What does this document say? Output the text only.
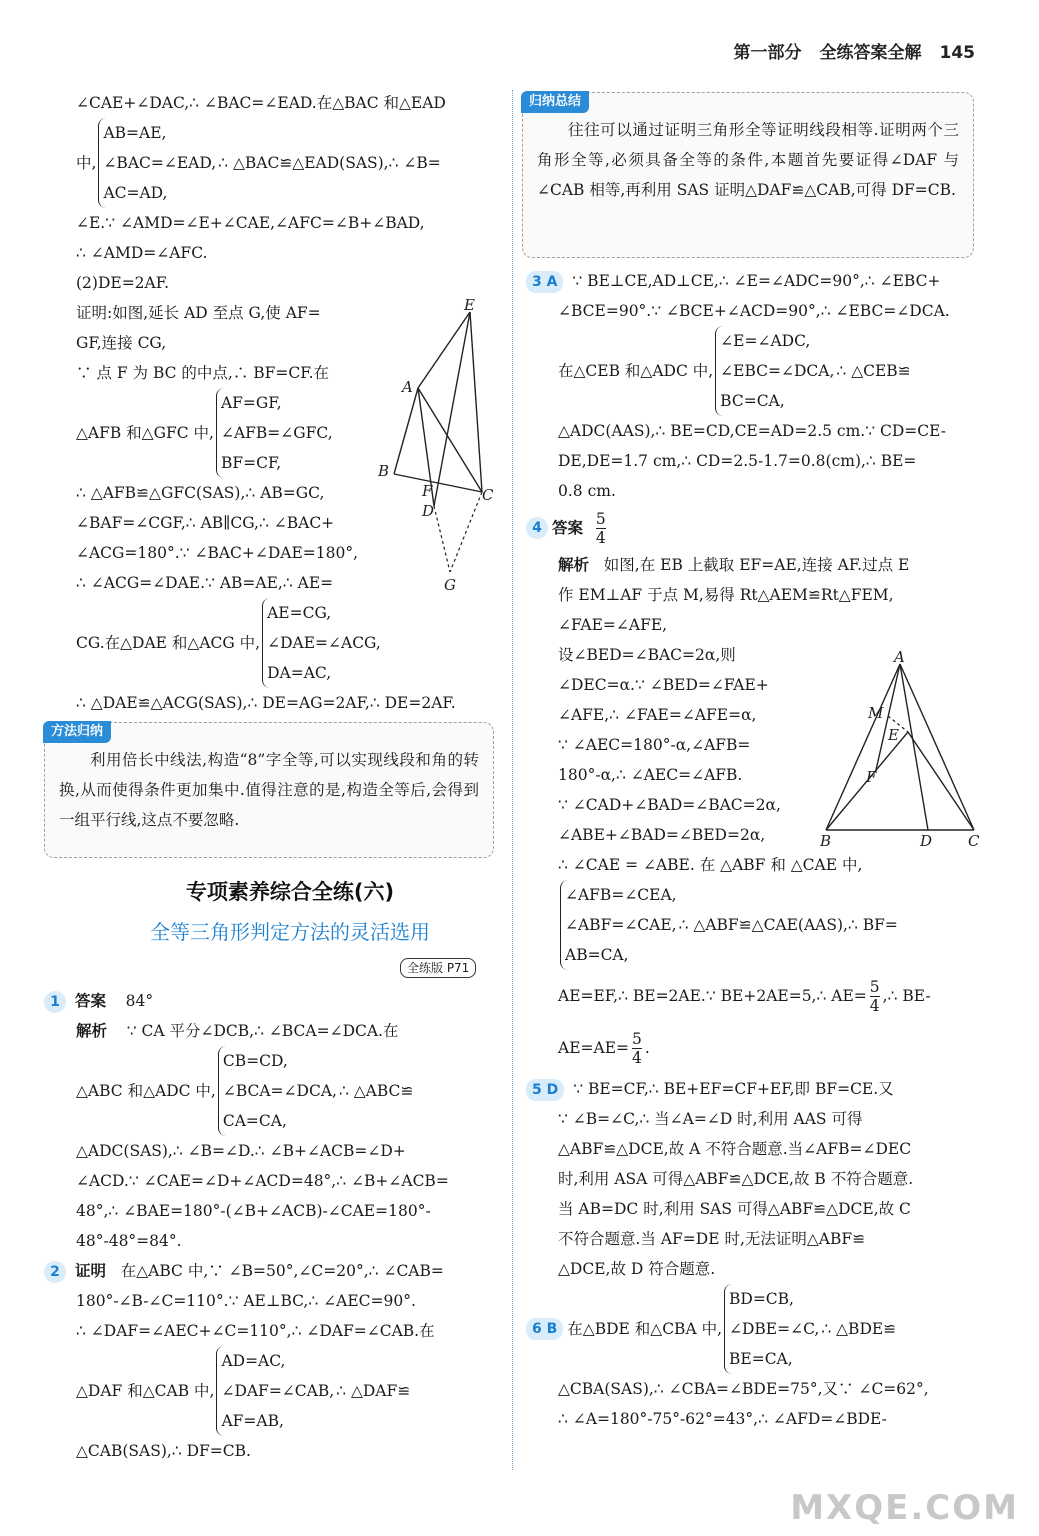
第一部分 全练答案全解 145
∠CAE+∠DAC,∴ ∠BAC=∠EAD.在△BAC 和△EAD
中,
AB=AE,
∠BAC=∠EAD,
AC=AD,
∴ △BAC≌△EAD(SAS),∴ ∠B=
∠E.∵ ∠AMD=∠E+∠CAE,∠AFC=∠B+∠BAD,
∴ ∠AMD=∠AFC.
(2)DE=2AF.
证明:如图,延长 AD 至点 G,使 AF=
GF,连接 CG,
∵ 点 F 为 BC 的中点,∴ BF=CF.在
△AFB 和△GFC 中,
AF=GF,
∠AFB=∠GFC,
BF=CF,
∴ △AFB≌△GFC(SAS),∴ AB=GC,
∠BAF=∠CGF,∴ AB∥CG,∴ ∠BAC+
∠ACG=180°.∵ ∠BAC+∠DAE=180°,
∴ ∠ACG=∠DAE.∵ AB=AE,∴ AE=
CG.在△DAE 和△ACG 中,
AE=CG,
∠DAE=∠ACG,
DA=AC,
∴ △DAE≌△ACG(SAS),∴ DE=AG=2AF,∴ DE=2AF.
E
A
B
F	C
D
G
方法归纳
利用倍长中线法,构造“8”字全等,可以实现线段和角的转换,从而使得条件更加集中.值得注意的是,构造全等后,会得到一组平行线,这点不要忽略.
专项素养综合全练(六)
全等三角形判定方法的灵活选用
全练版 P71
1 答案 84°
解析 ∵ CA 平分∠DCB,∴ ∠BCA=∠DCA.在
△ABC 和△ADC 中,
CB=CD,
∠BCA=∠DCA,
CA=CA,
∴ △ABC≌
△ADC(SAS),∴ ∠B=∠D.∴ ∠B+∠ACB=∠D+
∠ACD.∵ ∠CAE=∠D+∠ACD=48°,∴ ∠B+∠ACB=
48°,∴ ∠BAE=180°-(∠B+∠ACB)-∠CAE=180°-
48°-48°=84°.
2 证明 在△ABC 中,∵ ∠B=50°,∠C=20°,∴ ∠CAB=
180°-∠B-∠C=110°.∵ AE⊥BC,∴ ∠AEC=90°.
∴ ∠DAF=∠AEC+∠C=110°,∴ ∠DAF=∠CAB.在
△DAF 和△CAB 中,
AD=AC,
∠DAF=∠CAB,
AF=AB,
∴ △DAF≌
△CAB(SAS),∴ DF=CB.
归纳总结
往往可以通过证明三角形全等证明线段相等.证明两个三角形全等,必须具备全等的条件,本题首先要证得∠DAF 与∠CAB 相等,再利用 SAS 证明△DAF≌△CAB,可得 DF=CB.
3 A ∵ BE⊥CE,AD⊥CE,∴ ∠E=∠ADC=90°,∴ ∠EBC+
∠BCE=90°.∵ ∠BCE+∠ACD=90°,∴ ∠EBC=∠DCA.
在△CEB 和△ADC 中,
∠E=∠ADC,
∠EBC=∠DCA,
BC=CA,
∴ △CEB≌
△ADC(AAS),∴ BE=CD,CE=AD=2.5 cm.∵ CD=CE-
DE,DE=1.7 cm,∴ CD=2.5-1.7=0.8(cm),∴ BE=
0.8 cm.
4 答案
$\frac{5}{4}$
解析 如图,在 EB 上截取 EF=AE,连接 AF.过点 E
作 EM⊥AF 于点 M,易得 Rt△AEM≌Rt△FEM,
∠FAE=∠AFE,
设∠BED=∠BAC=2α,则
∠DEC=α.∵ ∠BED=∠FAE+
∠AFE,∴ ∠FAE=∠AFE=α,
∵ ∠AEC=180°-α,∠AFB=
180°-α,∴ ∠AEC=∠AFB.
∵ ∠CAD+∠BAD=∠BAC=2α,
∠ABE+∠BAD=∠BED=2α,
∴ ∠CAE = ∠ABE. 在 △ABF 和 △CAE 中,
∠AFB=∠CEA,
∠ABF=∠CAE,
AB=CA,
∴ △ABF≌△CAE(AAS),∴ BF=
AE=EF,∴ BE=2AE.∵ BE+2AE=5,∴ $AE= \frac{5}{4}$ ,∴ BE-
$AE=AE= \frac{5}{4}$ .
5 D ∵ BE=CF,∴ BE+EF=CF+EF,即 BF=CE.又
∵ ∠B=∠C,∴ 当∠A=∠D 时,利用 AAS 可得
△ABF≌△DCE,故 A 不符合题意.当∠AFB=∠DEC
时,利用 ASA 可得△ABF≌△DCE,故 B 不符合题意.
当 AB=DC 时,利用 SAS 可得△ABF≌△DCE,故 C
不符合题意.当 AF=DE 时,无法证明△ABF≌
△DCE,故 D 符合题意.
6 B 在△BDE 和△CBA 中,
BD=CB,
∠DBE=∠C,
BE=CA,
∴ △BDE≌
△CBA(SAS),∴ ∠CBA=∠BDE=75°,又∵ ∠C=62°,
∴ ∠A=180°-75°-62°=43°,∴ ∠AFD=∠BDE-
A
M
E
F
B	D C
MXQE.COM
